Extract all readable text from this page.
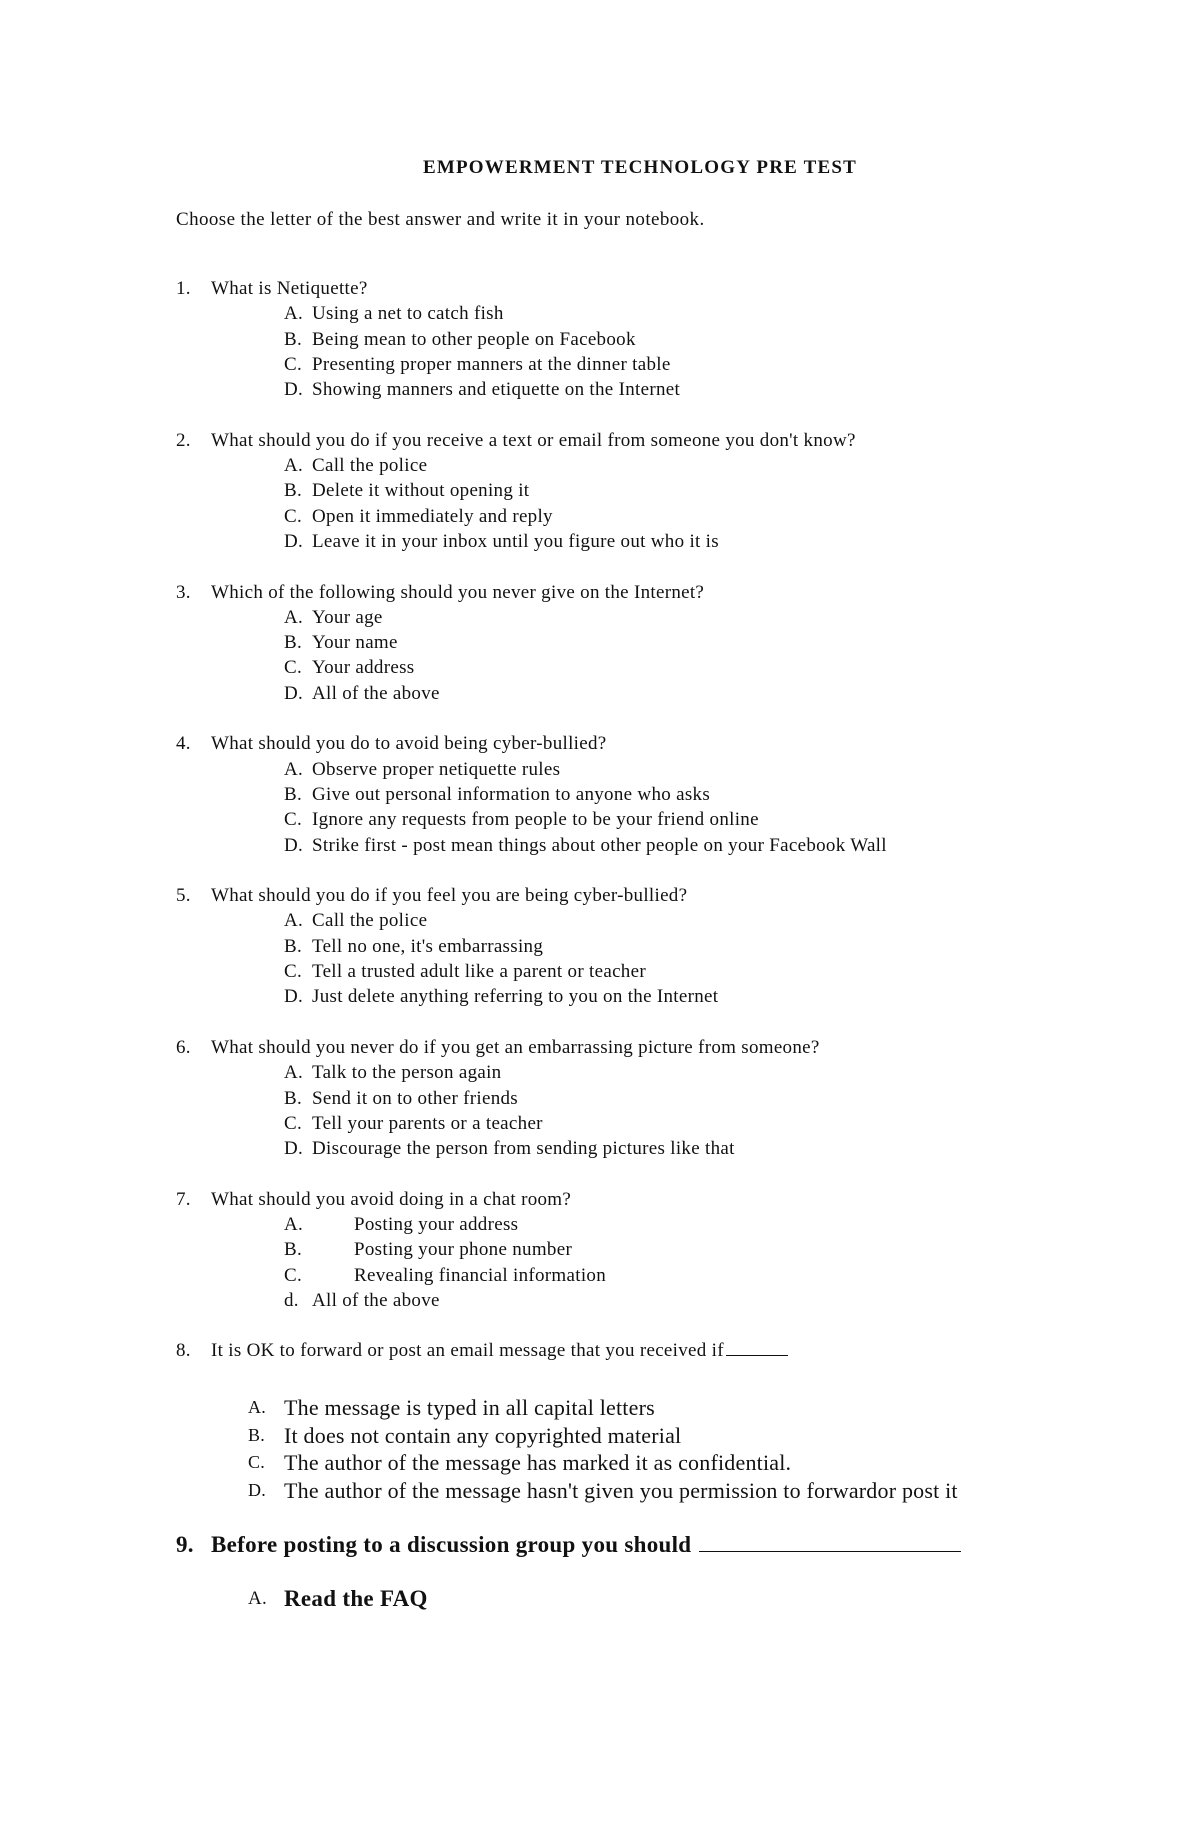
EMPOWERMENT TECHNOLOGY PRE TEST
Choose the letter of the best answer and write it in your notebook.
1. What is Netiquette?
A. Using a net to catch fish
B. Being mean to other people on Facebook
C. Presenting proper manners at the dinner table
D. Showing manners and etiquette on the Internet
2. What should you do if you receive a text or email from someone you don't know?
A. Call the police
B. Delete it without opening it
C. Open it immediately and reply
D. Leave it in your inbox until you figure out who it is
3. Which of the following should you never give on the Internet?
A. Your age
B. Your name
C. Your address
D. All of the above
4. What should you do to avoid being cyber-bullied?
A. Observe proper netiquette rules
B. Give out personal information to anyone who asks
C. Ignore any requests from people to be your friend online
D. Strike first - post mean things about other people on your Facebook Wall
5. What should you do if you feel you are being cyber-bullied?
A. Call the police
B. Tell no one, it's embarrassing
C. Tell a trusted adult like a parent or teacher
D. Just delete anything referring to you on the Internet
6. What should you never do if you get an embarrassing picture from someone?
A. Talk to the person again
B. Send it on to other friends
C. Tell your parents or a teacher
D. Discourage the person from sending pictures like that
7. What should you avoid doing in a chat room?
A.	Posting your address
B.	Posting your phone number
C.	Revealing financial information
d. All of the above
8. It is OK to forward or post an email message that you received if
A. The message is typed in all capital letters
B. It does not contain any copyrighted material
C. The author of the message has marked it as confidential.
D. The author of the message hasn't given you permission to forwardor post it
9. Before posting to a discussion group you should
A. Read the FAQ
